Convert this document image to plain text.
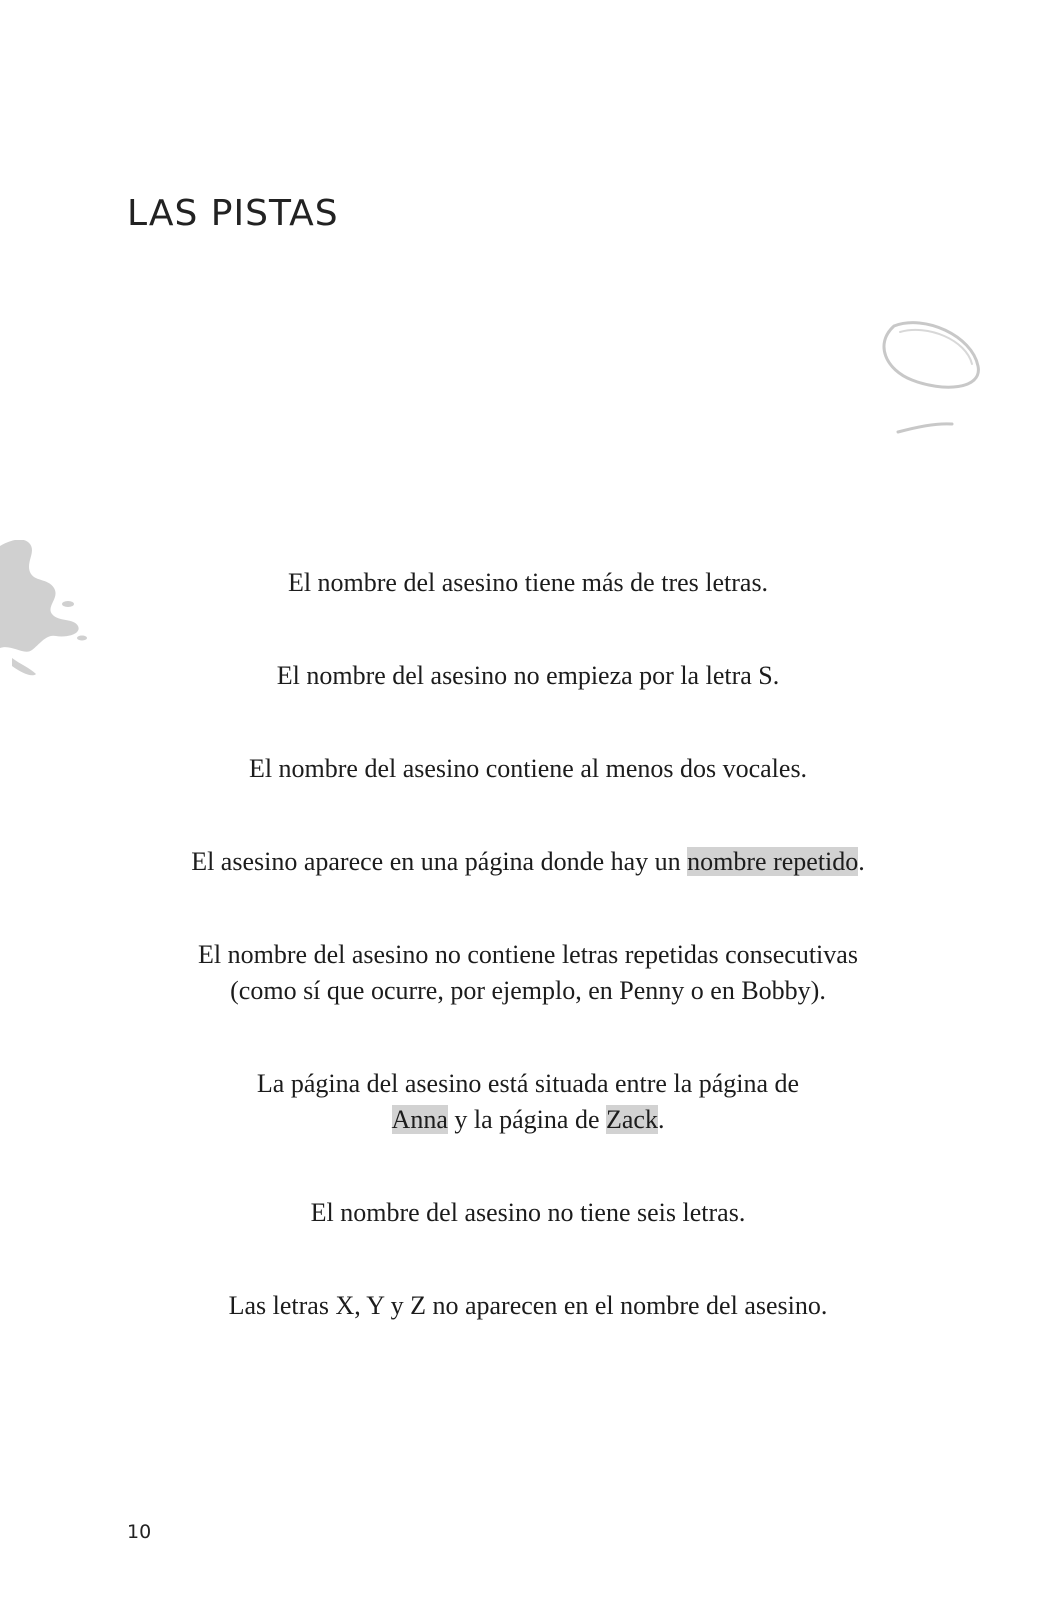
LAS PISTAS
El nombre del asesino tiene más de tres letras.
El nombre del asesino no empieza por la letra S.
El nombre del asesino contiene al menos dos vocales.
El asesino aparece en una página donde hay un nombre repetido.
El nombre del asesino no contiene letras repetidas consecutivas
(como sí que ocurre, por ejemplo, en Penny o en Bobby).
La página del asesino está situada entre la página de
Anna y la página de Zack.
El nombre del asesino no tiene seis letras.
Las letras X, Y y Z no aparecen en el nombre del asesino.

10
